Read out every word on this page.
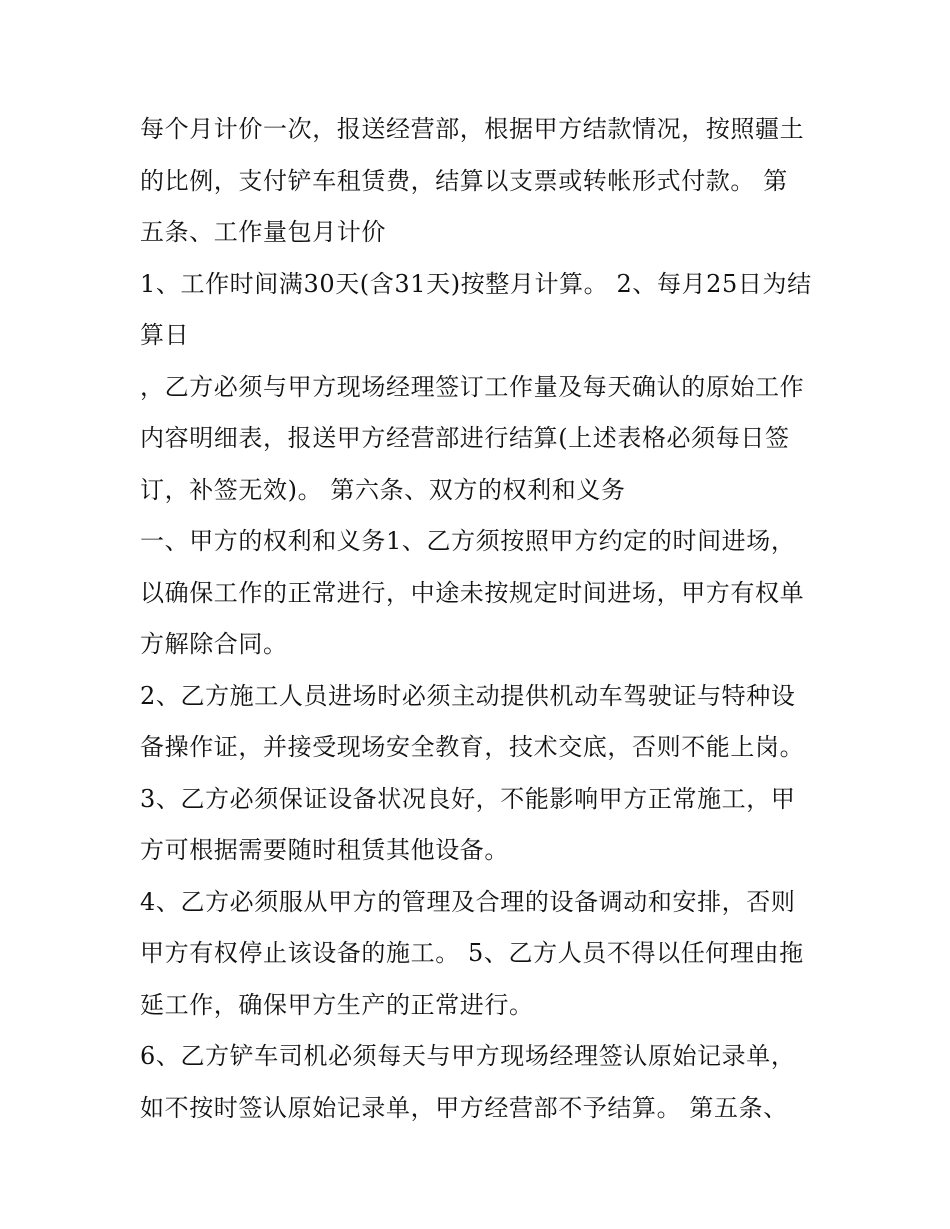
每个月计价一次，报送经营部，根据甲方结款情况，按照疆土
的比例，支付铲车租赁费，结算以支票或转帐形式付款。 第
五条、工作量包月计价
1、工作时间满30天(含31天)按整月计算。 2、每月25日为结
算日
，乙方必须与甲方现场经理签订工作量及每天确认的原始工作
内容明细表，报送甲方经营部进行结算(上述表格必须每日签
订，补签无效)。 第六条、双方的权利和义务
一、甲方的权利和义务1、乙方须按照甲方约定的时间进场，
以确保工作的正常进行，中途未按规定时间进场，甲方有权单
方解除合同。
2、乙方施工人员进场时必须主动提供机动车驾驶证与特种设
备操作证，并接受现场安全教育，技术交底，否则不能上岗。
3、乙方必须保证设备状况良好，不能影响甲方正常施工，甲
方可根据需要随时租赁其他设备。
4、乙方必须服从甲方的管理及合理的设备调动和安排，否则
甲方有权停止该设备的施工。 5、乙方人员不得以任何理由拖
延工作，确保甲方生产的正常进行。
6、乙方铲车司机必须每天与甲方现场经理签认原始记录单，
如不按时签认原始记录单，甲方经营部不予结算。 第五条、
